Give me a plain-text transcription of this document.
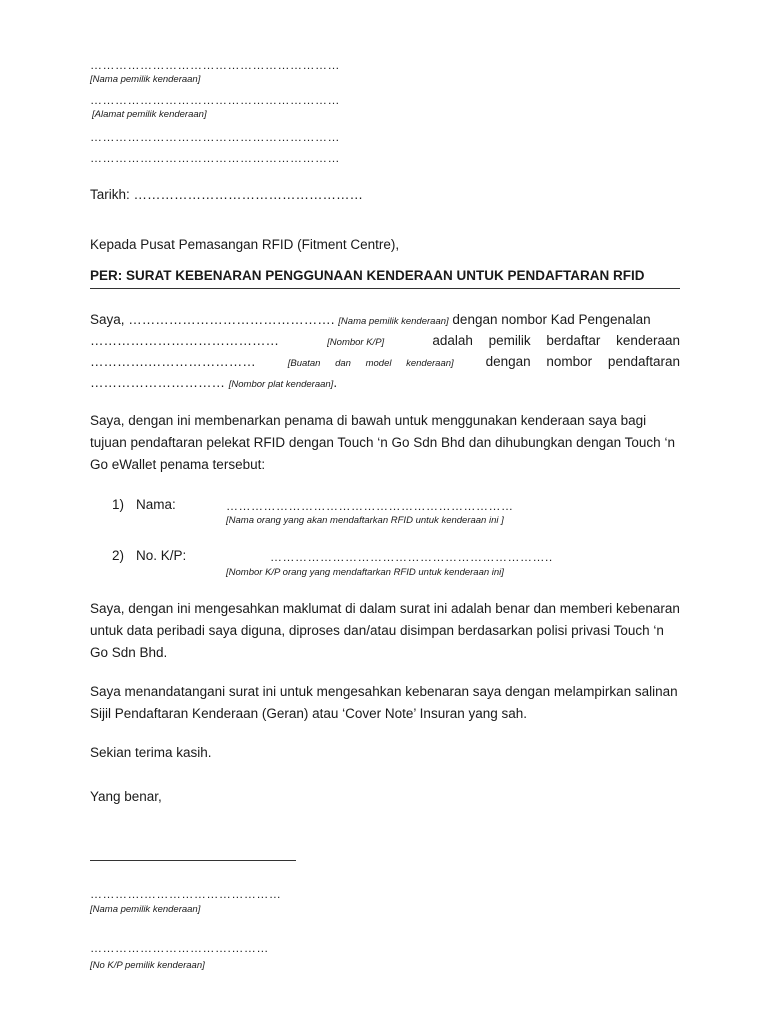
……………………………………………………
[Nama pemilik kenderaan]
……………………………………………………
[Alamat pemilik kenderaan]
……………………………………………………
……………………………………………………
Tarikh: ……………………………………………
Kepada Pusat Pemasangan RFID (Fitment Centre),
PER: SURAT KEBENARAN PENGGUNAAN KENDERAAN UNTUK PENDAFTARAN RFID
Saya, ………………………………………. [Nama pemilik kenderaan] dengan nombor Kad Pengenalan
……………………………………	[Nombor K/P]	adalah pemilik berdaftar kenderaan
………….……………………	[Buatan dan model kenderaan] dengan nombor pendaftaran
………………………… [Nombor plat kenderaan].
Saya, dengan ini membenarkan penama di bawah untuk menggunakan kenderaan saya bagi tujuan pendaftaran pelekat RFID dengan Touch ‘n Go Sdn Bhd dan dihubungkan dengan Touch ‘n Go eWallet penama tersebut:
1) Nama:	……………………………………………………………
[Nama orang yang akan mendaftarkan RFID untuk kenderaan ini ]
2) No. K/P:	…………………………………………………………..
[Nombor K/P orang yang mendaftarkan RFID untuk kenderaan ini]
Saya, dengan ini mengesahkan maklumat di dalam surat ini adalah benar dan memberi kebenaran untuk data peribadi saya diguna, diproses dan/atau disimpan berdasarkan polisi privasi Touch ‘n Go Sdn Bhd.
Saya menandatangani surat ini untuk mengesahkan kebenaran saya dengan melampirkan salinan Sijil Pendaftaran Kenderaan (Geran) atau ‘Cover Note’ Insuran yang sah.
Sekian terima kasih.
Yang benar,
………….……………………………
[Nama pemilik kenderaan]
…………………………….………
[No K/P pemilik kenderaan]
